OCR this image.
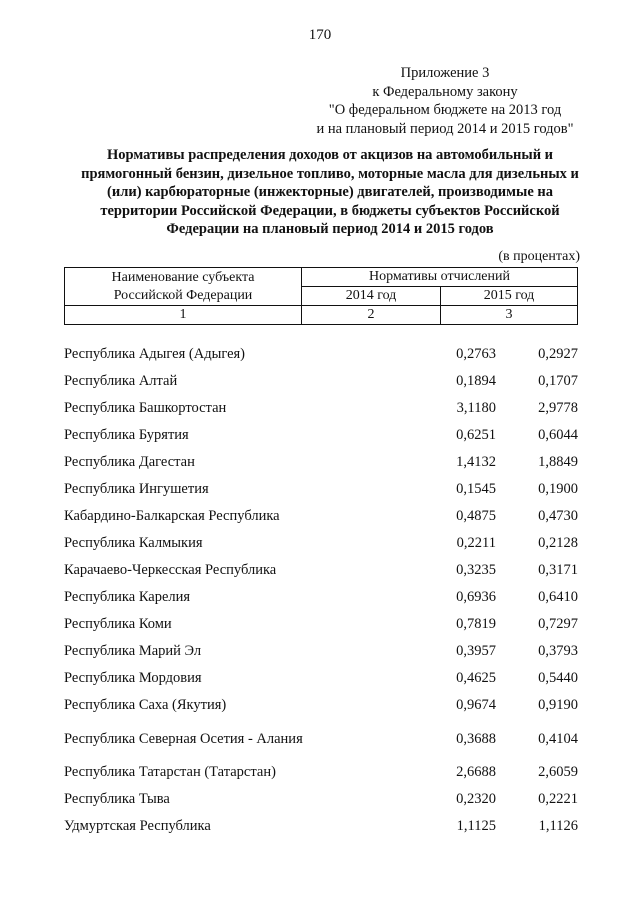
170
Приложение 3
к Федеральному закону
"О федеральном бюджете на 2013 год
и на плановый период 2014 и 2015 годов"
Нормативы распределения доходов от акцизов на автомобильный и прямогонный бензин, дизельное топливо, моторные масла для дизельных и (или) карбюраторные (инжекторные) двигателей, производимые на территории Российской Федерации, в бюджеты субъектов Российской Федерации на плановый период 2014 и 2015 годов
(в процентах)
Наименование субъекта
Российской Федерации	Нормативы отчислений	
	2014 год	2015 год
1	2	3
Республика Адыгея (Адыгея)	0,2763	0,2927
Республика Алтай	0,1894	0,1707
Республика Башкортостан	3,1180	2,9778
Республика Бурятия	0,6251	0,6044
Республика Дагестан	1,4132	1,8849
Республика Ингушетия	0,1545	0,1900
Кабардино-Балкарская Республика	0,4875	0,4730
Республика Калмыкия	0,2211	0,2128
Карачаево-Черкесская Республика	0,3235	0,3171
Республика Карелия	0,6936	0,6410
Республика Коми	0,7819	0,7297
Республика Марий Эл	0,3957	0,3793
Республика Мордовия	0,4625	0,5440
Республика Саха (Якутия)	0,9674	0,9190
Республика Северная Осетия - Алания	0,3688	0,4104
Республика Татарстан (Татарстан)	2,6688	2,6059
Республика Тыва	0,2320	0,2221
Удмуртская Республика	1,1125	1,1126
